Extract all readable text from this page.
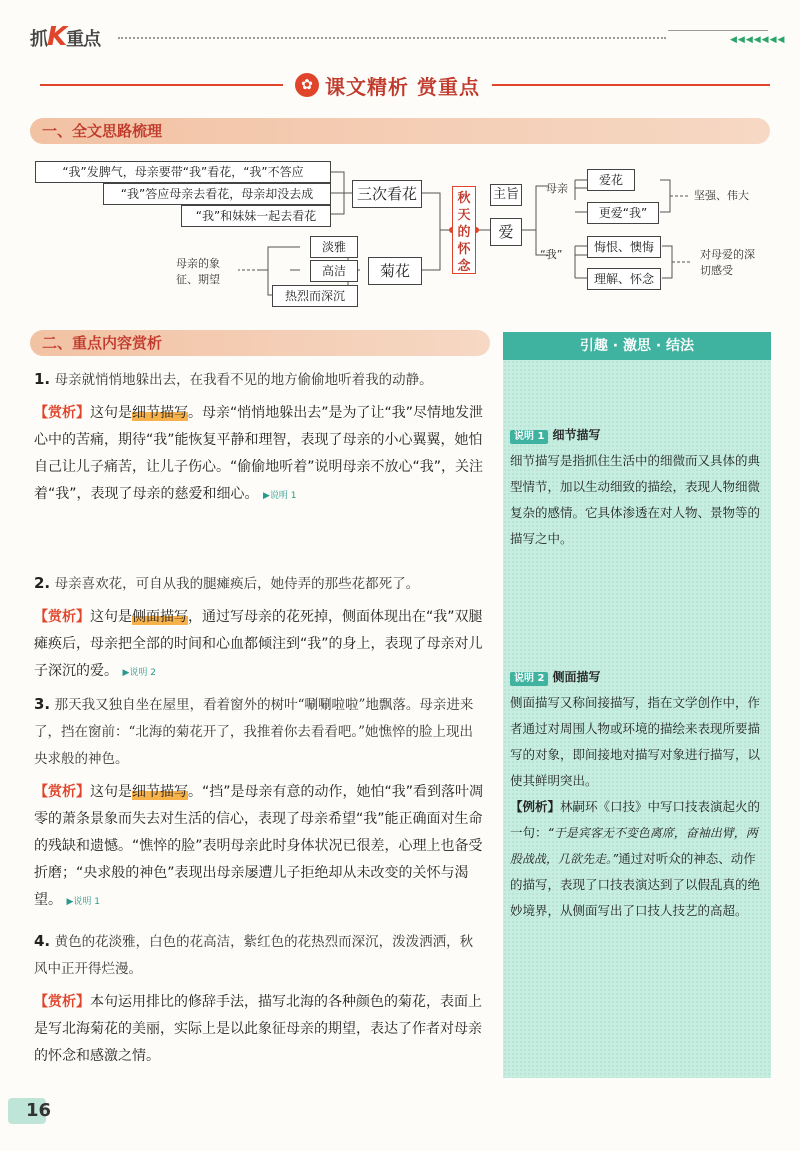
抓K重点	◀◀◀◀◀◀◀
✿ 课文精析 赏重点
一、全文思路梳理
“我”发脾气，母亲要带“我”看花，“我”不答应
“我”答应母亲去看花，母亲却没去成
“我”和妹妹一起去看花
三次看花
淡雅
高洁
热烈而深沉
菊花
母亲的象征、期望
秋天的怀念
主旨
爱
母亲
爱花
更爱“我”
坚强、伟大
“我”
悔恨、懊悔
理解、怀念
对母爱的深切感受
二、重点内容赏析
1. 母亲就悄悄地躲出去，在我看不见的地方偷偷地听着我的动静。
【赏析】这句是细节描写。母亲“悄悄地躲出去”是为了让“我”尽情地发泄心中的苦痛，期待“我”能恢复平静和理智，表现了母亲的小心翼翼，她怕自己让儿子痛苦，让儿子伤心。“偷偷地听着”说明母亲不放心“我”，关注着“我”，表现了母亲的慈爱和细心。 ▶说明 1
2. 母亲喜欢花，可自从我的腿瘫痪后，她侍弄的那些花都死了。
【赏析】这句是侧面描写，通过写母亲的花死掉，侧面体现出在“我”双腿瘫痪后，母亲把全部的时间和心血都倾注到“我”的身上，表现了母亲对儿子深沉的爱。 ▶说明 2
3. 那天我又独自坐在屋里，看着窗外的树叶“唰唰啦啦”地飘落。母亲进来了，挡在窗前：“北海的菊花开了，我推着你去看看吧。”她憔悴的脸上现出央求般的神色。
【赏析】这句是细节描写。“挡”是母亲有意的动作，她怕“我”看到落叶凋零的萧条景象而失去对生活的信心，表现了母亲希望“我”能正确面对生命的残缺和遗憾。“憔悴的脸”表明母亲此时身体状况已很差，心理上也备受折磨；“央求般的神色”表现出母亲屡遭儿子拒绝却从未改变的关怀与渴望。 ▶说明 1
4. 黄色的花淡雅，白色的花高洁，紫红色的花热烈而深沉，泼泼洒洒，秋风中正开得烂漫。
【赏析】本句运用排比的修辞手法，描写北海的各种颜色的菊花，表面上是写北海菊花的美丽，实际上是以此象征母亲的期望，表达了作者对母亲的怀念和感激之情。
引趣 · 激思 · 结法
说明 1 细节描写
细节描写是指抓住生活中的细微而又具体的典型情节，加以生动细致的描绘，表现人物细微复杂的感情。它具体渗透在对人物、景物等的描写之中。
说明 2 侧面描写
侧面描写又称间接描写，指在文学创作中，作者通过对周围人物或环境的描绘来表现所要描写的对象，即间接地对描写对象进行描写，以使其鲜明突出。
【例析】林嗣环《口技》中写口技表演起火的一句：“于是宾客无不变色离席，奋袖出臂，两股战战，几欲先走。”通过对听众的神态、动作的描写，表现了口技表演达到了以假乱真的绝妙境界，从侧面写出了口技人技艺的高超。
16
